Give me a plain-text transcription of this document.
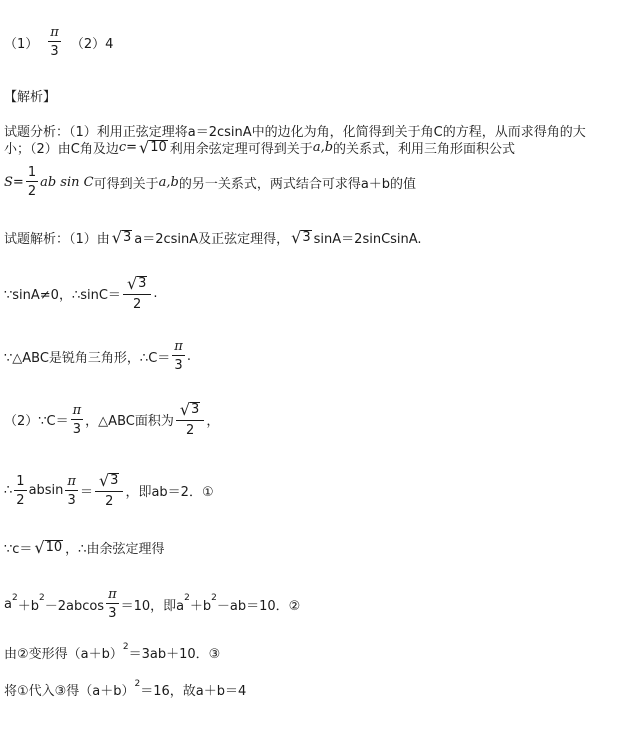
$(1) \frac{\pi}{3} (2)4$
【解析】
试题分析：（1）利用正弦定理将a＝2csinA中的边化为角，化简得到关于角C的方程，从而求得角的大
小；（2）由C角及边 c = √ 10 利用余弦定理可得到关于 a,b 的关系式，利用三角形面积公式
$S = \frac{1}{2}$ ab sin C 可得到关于 a,b 的另一关系式，两式结合可求得a＋b的值
试题解析：（1）由 √ 3 a＝2csinA及正弦定理得， √ 3 sinA＝2sinCsinA.
∵sinA≠0，∴sinC＝ $\frac{√ 3}{2}$ .
∵△ABC是锐角三角形，∴C＝ $\frac{\pi}{3}$ .
（2）∵C＝ $\frac{\pi}{3}$ ，△ABC面积为 $\frac{√ 3}{2}$ ，
∴ $\frac{1}{2}$ absin $\frac{\pi}{3} = \frac{√ 3}{2}$ ，即ab＝2．①
∵c＝ √ 10 ，∴由余弦定理得
a 2
＋b
2
$-2abcos \frac{\pi}{3} =10$，即a
2
＋b
2
－ab＝10．②
由②变形得（a＋b）
2
＝3ab＋10．③
将①代入③得（a＋b）
2
＝16，故a＋b＝4
